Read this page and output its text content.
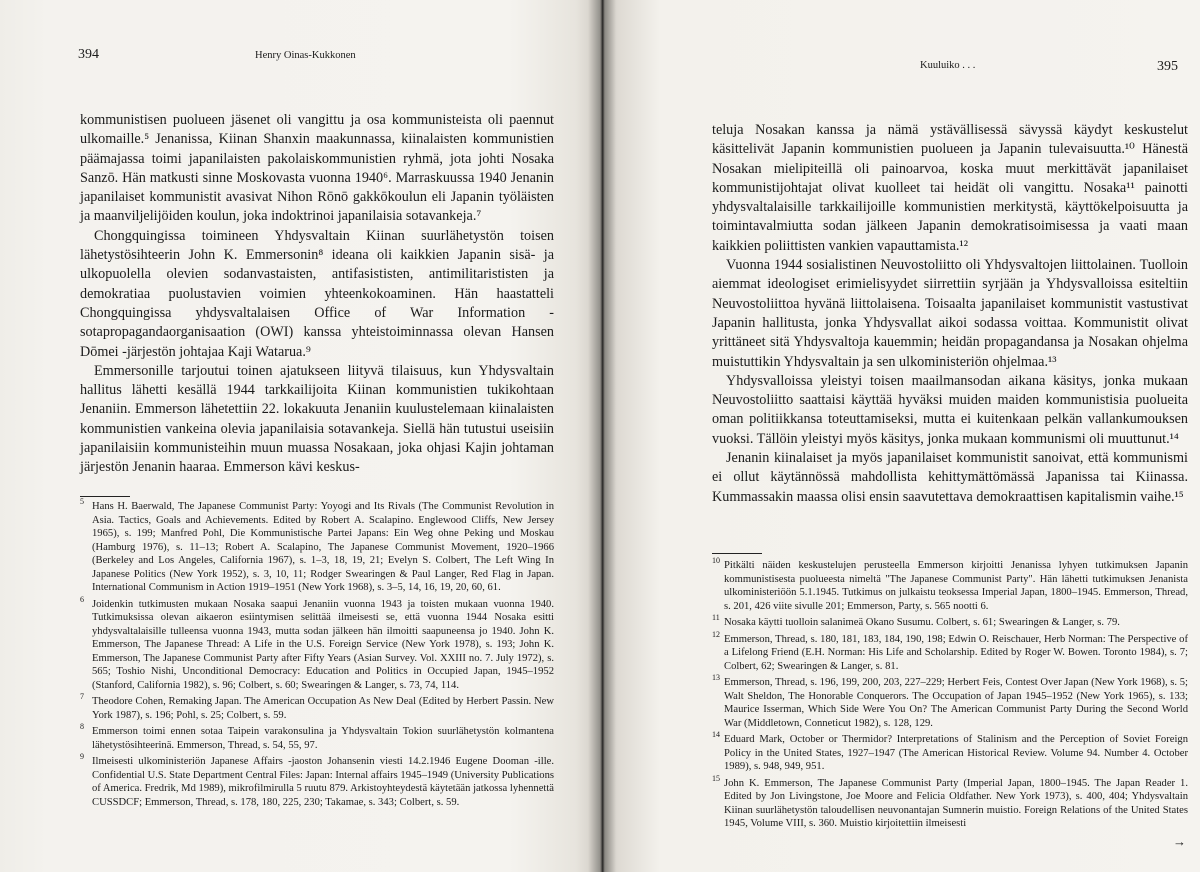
394	Henry Oinas-Kukkonen

kommunistisen puolueen jäsenet oli vangittu ja osa kommunisteista oli paennut ulkomaille.⁵ Jenanissa, Kiinan Shanxin maakunnassa, kiinalaisten kommunistien päämajassa toimi japanilaisten pakolaiskommunistien ryhmä, jota johti Nosaka Sanzō. Hän matkusti sinne Moskovasta vuonna 1940⁶. Marraskuussa 1940 Jenanin japanilaiset kommunistit avasivat Nihon Rōnō gakkōkoulun eli Japanin työläisten ja maanviljelijöiden koulun, joka indoktrinoi japanilaisia sotavankeja.⁷

Chongquingissa toimineen Yhdysvaltain Kiinan suurlähetystön toisen lähetystösihteerin John K. Emmersonin⁸ ideana oli kaikkien Japanin sisä- ja ulkopuolella olevien sodanvastaisten, antifasististen, antimilitarististen ja demokratiaa puolustavien voimien yhteenkokoaminen. Hän haastatteli Chongquingissa yhdysvaltalaisen Office of War Information -sotapropagandaorganisaation (OWI) kanssa yhteistoiminnassa olevan Hansen Dōmei -järjestön johtajaa Kaji Watarua.⁹

Emmersonille tarjoutui toinen ajatukseen liityvä tilaisuus, kun Yhdysvaltain hallitus lähetti kesällä 1944 tarkkailijoita Kiinan kommunistien tukikohtaan Jenaniin. Emmerson lähetettiin 22. lokakuuta Jenaniin kuulustelemaan kiinalaisten kommunistien vankeina olevia japanilaisia sotavankeja. Siellä hän tutustui useisiin japanilaisiin kommunisteihin muun muassa Nosakaan, joka ohjasi Kajin johtaman järjestön Jenanin haaraa. Emmerson kävi keskus-

5 Hans H. Baerwald, The Japanese Communist Party: Yoyogi and Its Rivals (The Communist Revolution in Asia. Tactics, Goals and Achievements. Edited by Robert A. Scalapino. Englewood Cliffs, New Jersey 1965), s. 199; Manfred Pohl, Die Kommunistische Partei Japans: Ein Weg ohne Peking und Moskau (Hamburg 1976), s. 11–13; Robert A. Scalapino, The Japanese Communist Movement, 1920–1966 (Berkeley and Los Angeles, California 1967), s. 1–3, 18, 19, 21; Evelyn S. Colbert, The Left Wing In Japanese Politics (New York 1952), s. 3, 10, 11; Rodger Swearingen & Paul Langer, Red Flag in Japan. International Communism in Action 1919–1951 (New York 1968), s. 3–5, 14, 16, 19, 20, 60, 61.
6 Joidenkin tutkimusten mukaan Nosaka saapui Jenaniin vuonna 1943 ja toisten mukaan vuonna 1940. Tutkimuksissa olevan aikaeron esiintymisen selittää ilmeisesti se, että vuonna 1944 Nosaka esitti yhdysvaltalaisille tulleensa vuonna 1943, mutta sodan jälkeen hän ilmoitti saapuneensa jo 1940. John K. Emmerson, The Japanese Thread: A Life in the U.S. Foreign Service (New York 1978), s. 193; John K. Emmerson, The Japanese Communist Party after Fifty Years (Asian Survey. Vol. XXIII no. 7. July 1972), s. 565; Toshio Nishi, Unconditional Democracy: Education and Politics in Occupied Japan, 1945–1952 (Stanford, California 1982), s. 96; Colbert, s. 60; Swearingen & Langer, s. 73, 74, 114.
7 Theodore Cohen, Remaking Japan. The American Occupation As New Deal (Edited by Herbert Passin. New York 1987), s. 196; Pohl, s. 25; Colbert, s. 59.
8 Emmerson toimi ennen sotaa Taipein varakonsulina ja Yhdysvaltain Tokion suurlähetystön kolmantena lähetystösihteerinä. Emmerson, Thread, s. 54, 55, 97.
9 Ilmeisesti ulkoministeriön Japanese Affairs -jaoston Johansenin viesti 14.2.1946 Eugene Dooman -ille. Confidential U.S. State Department Central Files: Japan: Internal affairs 1945–1949 (University Publications of America. Fredrik, Md 1989), mikrofilmirulla 5 ruutu 879. Arkistoyhteydestä käytetään jatkossa lyhennettä CUSSDCF; Emmerson, Thread, s. 178, 180, 225, 230; Takamae, s. 343; Colbert, s. 59.
Kuuluiko . . .	395

teluja Nosakan kanssa ja nämä ystävällisessä sävyssä käydyt keskustelut käsittelivät Japanin kommunistien puolueen ja Japanin tulevaisuutta.¹⁰ Hänestä Nosakan mielipiteillä oli painoarvoa, koska muut merkittävät japanilaiset kommunistijohtajat olivat kuolleet tai heidät oli vangittu. Nosaka¹¹ painotti yhdysvaltalaisille tarkkailijoille kommunistien merkitystä, käyttökelpoisuutta ja toimintavalmiutta sodan jälkeen Japanin demokratisoimisessa ja vaati maan kaikkien poliittisten vankien vapauttamista.¹²

Vuonna 1944 sosialistinen Neuvostoliitto oli Yhdysvaltojen liittolainen. Tuolloin aiemmat ideologiset erimielisyydet siirrettiin syrjään ja Yhdysvalloissa esiteltiin Neuvostoliittoa hyvänä liittolaisena. Toisaalta japanilaiset kommunistit vastustivat Japanin hallitusta, jonka Yhdysvallat aikoi sodassa voittaa. Kommunistit olivat yrittäneet sitä Yhdysvaltoja kauemmin; heidän propagandansa ja Nosakan ohjelma muistuttikin Yhdysvaltain ja sen ulkoministeriön ohjelmaa.¹³

Yhdysvalloissa yleistyi toisen maailmansodan aikana käsitys, jonka mukaan Neuvostoliitto saattaisi käyttää hyväksi muiden maiden kommunistisia puolueita oman politiikkansa toteuttamiseksi, mutta ei kuitenkaan pelkän vallankumouksen vuoksi. Tällöin yleistyi myös käsitys, jonka mukaan kommunismi oli muuttunut.¹⁴

Jenanin kiinalaiset ja myös japanilaiset kommunistit sanoivat, että kommunismi ei ollut käytännössä mahdollista kehittymättömässä Japanissa tai Kiinassa. Kummassakin maassa olisi ensin saavutettava demokraattisen kapitalismin vaihe.¹⁵

10 Pitkälti näiden keskustelujen perusteella Emmerson kirjoitti Jenanissa lyhyen tutkimuksen Japanin kommunistisesta puolueesta nimeltä "The Japanese Communist Party". Hän lähetti tutkimuksen Jenanista ulkoministeriöön 5.1.1945. Tutkimus on julkaistu teoksessa Imperial Japan, 1800–1945. Emmerson, Thread, s. 201, 426 viite sivulle 201; Emmerson, Party, s. 565 nootti 6.
11 Nosaka käytti tuolloin salanimeä Okano Susumu. Colbert, s. 61; Swearingen & Langer, s. 79.
12 Emmerson, Thread, s. 180, 181, 183, 184, 190, 198; Edwin O. Reischauer, Herb Norman: The Perspective of a Lifelong Friend (E.H. Norman: His Life and Scholarship. Edited by Roger W. Bowen. Toronto 1984), s. 7; Colbert, 62; Swearingen & Langer, s. 81.
13 Emmerson, Thread, s. 196, 199, 200, 203, 227–229; Herbert Feis, Contest Over Japan (New York 1968), s. 5; Walt Sheldon, The Honorable Conquerors. The Occupation of Japan 1945–1952 (New York 1965), s. 133; Maurice Isserman, Which Side Were You On? The American Communist Party During the Second World War (Middletown, Conneticut 1982), s. 128, 129.
14 Eduard Mark, October or Thermidor? Interpretations of Stalinism and the Perception of Soviet Foreign Policy in the United States, 1927–1947 (The American Historical Review. Volume 94. Number 4. October 1989), s. 948, 949, 951.
15 John K. Emmerson, The Japanese Communist Party (Imperial Japan, 1800–1945. The Japan Reader 1. Edited by Jon Livingstone, Joe Moore and Felicia Oldfather. New York 1973), s. 400, 404; Yhdysvaltain Kiinan suurlähetystön taloudellisen neuvonantajan Sumnerin muistio. Foreign Relations of the United States 1945, Volume VIII, s. 360. Muistio kirjoitettiin ilmeisesti
→
